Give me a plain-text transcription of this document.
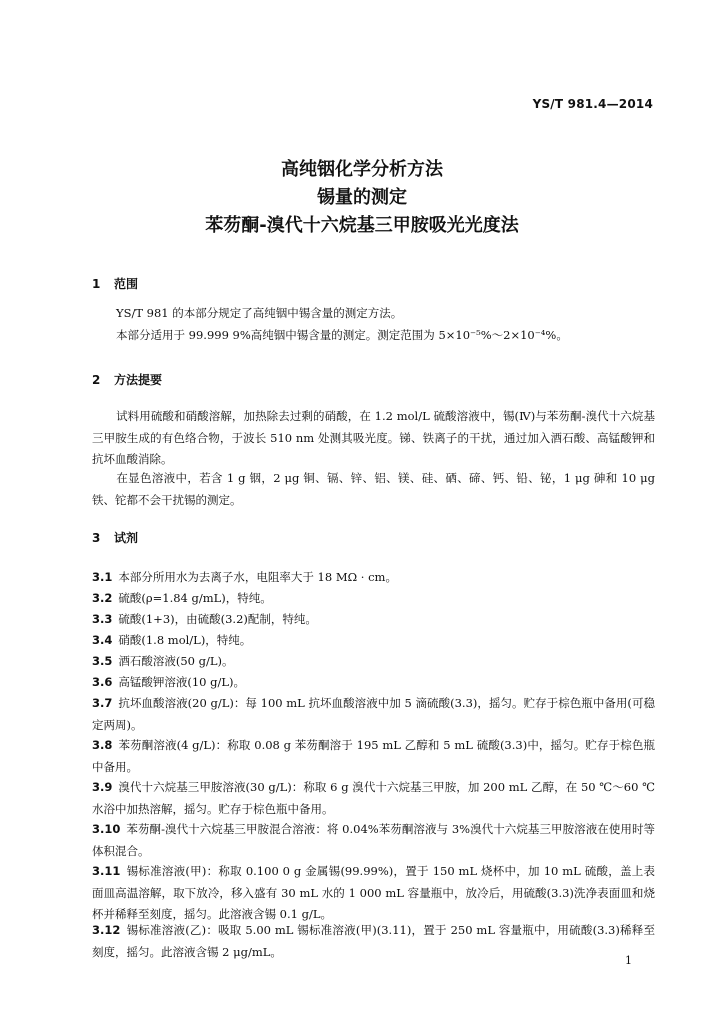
YS/T 981.4—2014
高纯铟化学分析方法
锡量的测定
苯芴酮-溴代十六烷基三甲胺吸光光度法
1 范围
YS/T 981 的本部分规定了高纯铟中锡含量的测定方法。
本部分适用于 99.999 9%高纯铟中锡含量的测定。测定范围为 5×10⁻⁵%～2×10⁻⁴%。
2 方法提要
试料用硫酸和硝酸溶解，加热除去过剩的硝酸，在 1.2 mol/L 硫酸溶液中，锡(Ⅳ)与苯芴酮-溴代十六烷基三甲胺生成的有色络合物，于波长 510 nm 处测其吸光度。锑、铁离子的干扰，通过加入酒石酸、高锰酸钾和抗坏血酸消除。
在显色溶液中，若含 1 g 铟，2 μg 铜、镉、锌、铝、镁、硅、硒、碲、钙、铅、铋，1 μg 砷和 10 μg 铁、铊都不会干扰锡的测定。
3 试剂
3.1 本部分所用水为去离子水，电阻率大于 18 MΩ · cm。
3.2 硫酸(ρ=1.84 g/mL)，特纯。
3.3 硫酸(1+3)，由硫酸(3.2)配制，特纯。
3.4 硝酸(1.8 mol/L)，特纯。
3.5 酒石酸溶液(50 g/L)。
3.6 高锰酸钾溶液(10 g/L)。
3.7 抗坏血酸溶液(20 g/L)：每 100 mL 抗坏血酸溶液中加 5 滴硫酸(3.3)，摇匀。贮存于棕色瓶中备用(可稳定两周)。
3.8 苯芴酮溶液(4 g/L)：称取 0.08 g 苯芴酮溶于 195 mL 乙醇和 5 mL 硫酸(3.3)中，摇匀。贮存于棕色瓶中备用。
3.9 溴代十六烷基三甲胺溶液(30 g/L)：称取 6 g 溴代十六烷基三甲胺，加 200 mL 乙醇，在 50 ℃～60 ℃水浴中加热溶解，摇匀。贮存于棕色瓶中备用。
3.10 苯芴酮-溴代十六烷基三甲胺混合溶液：将 0.04%苯芴酮溶液与 3%溴代十六烷基三甲胺溶液在使用时等体积混合。
3.11 锡标准溶液(甲)：称取 0.100 0 g 金属锡(99.99%)，置于 150 mL 烧杯中，加 10 mL 硫酸，盖上表面皿高温溶解，取下放冷，移入盛有 30 mL 水的 1 000 mL 容量瓶中，放冷后，用硫酸(3.3)洗净表面皿和烧杯并稀释至刻度，摇匀。此溶液含锡 0.1 g/L。
3.12 锡标准溶液(乙)：吸取 5.00 mL 锡标准溶液(甲)(3.11)，置于 250 mL 容量瓶中，用硫酸(3.3)稀释至刻度，摇匀。此溶液含锡 2 μg/mL。
1
